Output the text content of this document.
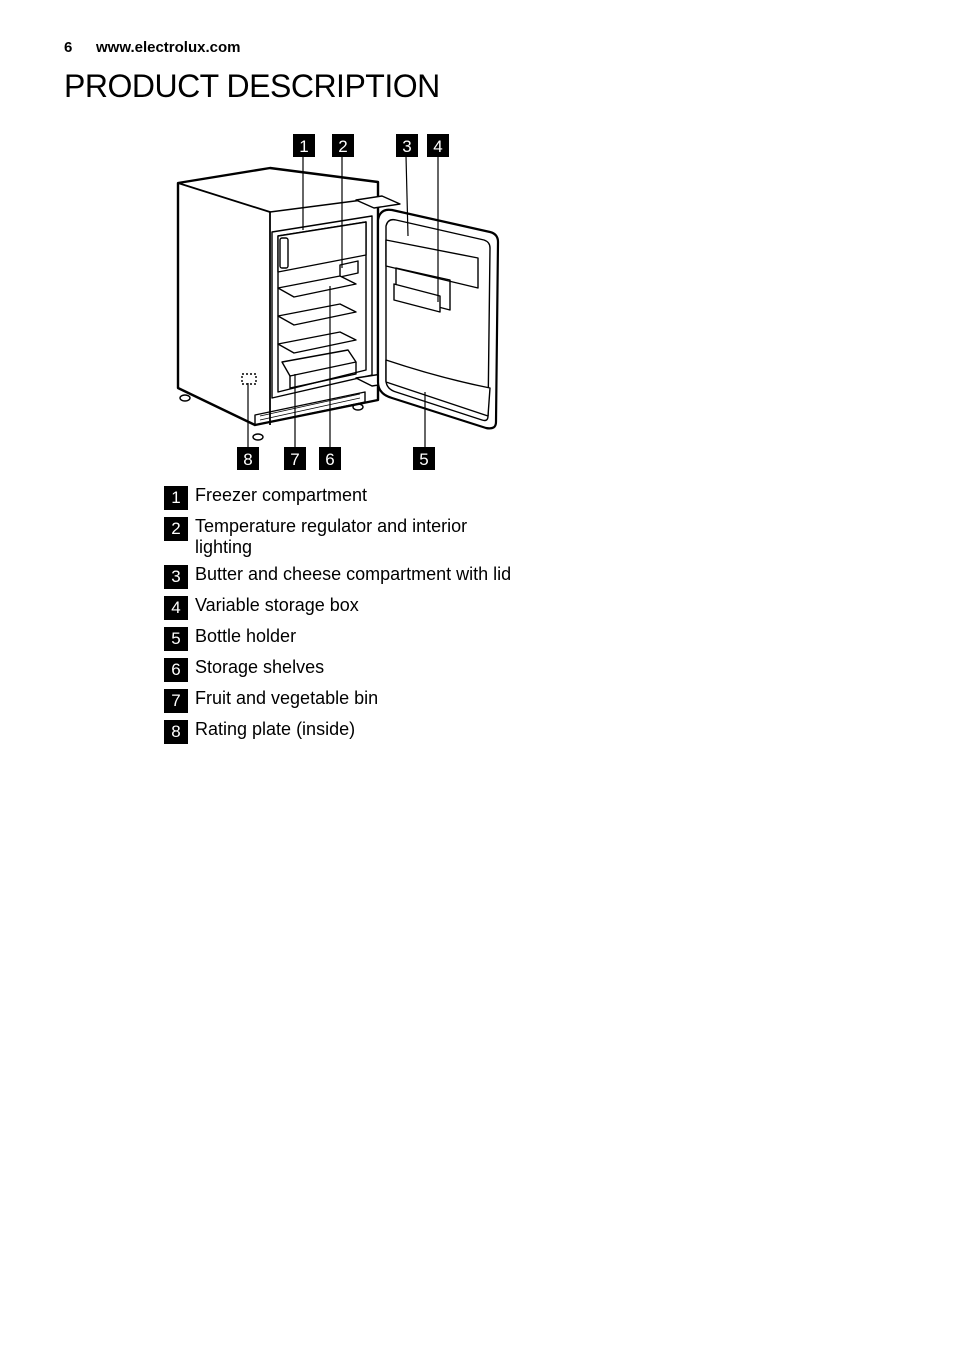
6 www.electrolux.com
PRODUCT DESCRIPTION
1 2	3 4
8 7 6	5
1 Freezer compartment
2 Temperature regulator and interior lighting
3 Butter and cheese compartment with lid
4 Variable storage box
5 Bottle holder
6 Storage shelves
7 Fruit and vegetable bin
8 Rating plate (inside)
